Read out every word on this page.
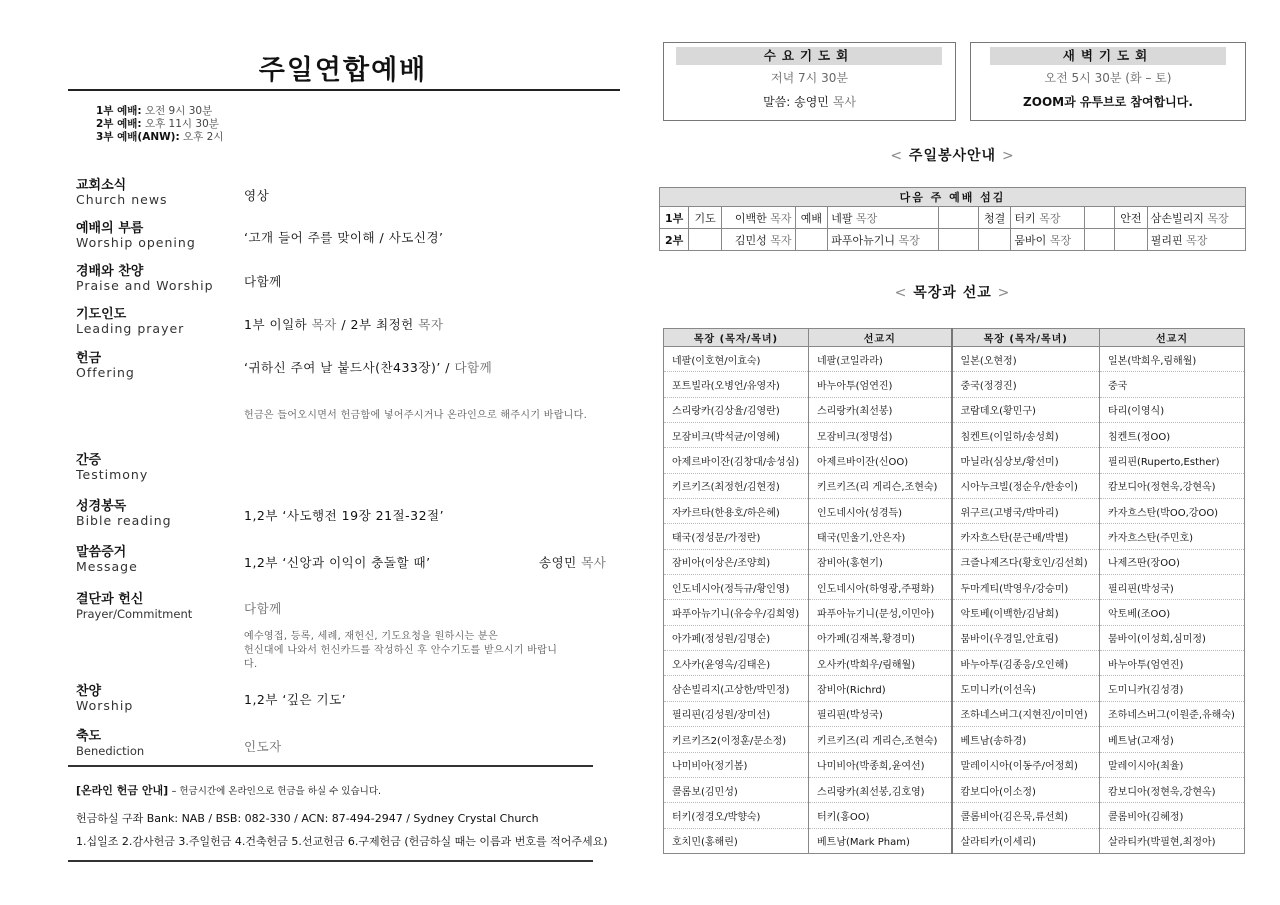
주일연합예배
1부 예배: 오전 9시 30분
2부 예배: 오후 11시 30분
3부 예배(ANW): 오후 2시
교회소식
Church news	영상
예배의 부름
Worship opening	‘고개 들어 주를 맞이해 / 사도신경’
경배와 찬양
Praise and Worship 다함께
기도인도
Leading prayer	1부 이일하 목자 / 2부 최정헌 목자
헌금
Offering	‘귀하신 주여 날 붙드사(찬433장)’ / 다함께
헌금은 들어오시면서 헌금함에 넣어주시거나 온라인으로 해주시기 바랍니다.
간증
Testimony
성경봉독
Bible reading	1,2부 ‘사도행전 19장 21절-32절’
말씀증거
Message	1,2부 ‘신앙과 이익이 충돌할 때’	송영민 목사
결단과 헌신
Prayer/Commitment	다함께
예수영접, 등록, 세례, 재헌신, 기도요청을 원하시는 분은
헌신대에 나와서 헌신카드를 작성하신 후 안수기도를 받으시기 바랍니
다.
찬양
Worship	1,2부 ‘깊은 기도’
축도
Benediction	인도자
[온라인 헌금 안내] – 헌금시간에 온라인으로 헌금을 하실 수 있습니다.
헌금하실 구좌 Bank: NAB / BSB: 082-330 / ACN: 87-494-2947 / Sydney Crystal Church
1.십일조 2.감사헌금 3.주일헌금 4.건축헌금 5.선교헌금 6.구제헌금 (헌금하실 때는 이름과 번호를 적어주세요)
수요기도회
저녁 7시 30분
말씀: 송영민 목사
새벽기도회
오전 5시 30분 (화 – 토)
ZOOM과 유투브로 참여합니다.
< 주일봉사안내 >
다음 주 예배 섬김										
1부	기도	이백한 목자	예배	네팔 목장		청결	터키 목장		안전	삼손빌리지 목장
2부		김민성 목자		파푸아뉴기니 목장			뭄바이 목장			필리핀 목장
< 목장과 선교 >
목장 (목자/목녀)	선교지	목장 (목자/목녀)	선교지
네팔(이호현/이효숙)	네팔(코일라라)	일본(오현정)	일본(박희우,림해월)
포트빌라(오병언/유영자)	바누아투(엄연진)	중국(정경진)	중국
스리랑카(김상율/김영란)	스리랑카(최선봉)	코람데오(황민구)	타리(이영식)
모잠비크(박석균/이영혜)	모잠비크(정명섭)	침켄트(이일하/송성희)	침켄트(정OO)
아제르바이잔(김창대/송성심)	아제르바이잔(신OO)	마닐라(심상보/황선미)	필리핀(Ruperto,Esther)
키르키즈(최정헌/김현정)	키르키즈(리 게리슨,조현숙)	시아누크빌(정순우/한송이)	캄보디아(정현욱,강현옥)
자카르타(한용호/하은혜)	인도네시아(성경득)	위구르(고병국/박마리)	카자흐스탄(박OO,강OO)
태국(정성문/가정란)	태국(민울기,안은자)	카자흐스탄(문근배/박별)	카자흐스탄(주민호)
잠비아(이상은/조양희)	잠비아(홍현기)	크즐나제즈다(황호인/김선희)	나제즈딴(장OO)
인도네시아(정득규/황인영)	인도네시아(하영광,주평화)	두마게티(박영우/강승미)	필리핀(박성국)
파푸아뉴기니(유승우/김희영)	파푸아뉴기니(문성,이민아)	악토베(이백한/김남희)	악토베(조OO)
아가페(정성원/김명순)	아가페(김재복,황경미)	뭄바이(우경일,안효림)	뭄바이(이성희,심미정)
오사카(윤영옥/김태은)	오사카(박희우/림해월)	바누아투(김종응/오인해)	바누아투(엄연진)
삼손빌리지(고상한/박민정)	잠비아(Richrd)	도미니카(이선옥)	도미니카(김성경)
필리핀(김성원/장미선)	필리핀(박성국)	조하네스버그(지현진/이미연)	조하네스버그(이원준,유해숙)
키르키즈2(이정훈/문소정)	키르키즈(리 게리슨,조현숙)	베트남(송하경)	베트남(고재성)
나미비아(정기봄)	나미비아(박종희,윤여선)	말레이시아(이동주/어정희)	말레이시아(최율)
콜롬보(김민성)	스리랑카(최선봉,김호영)	캄보디아(이소정)	캄보디아(정현욱,강현옥)
터키(정경오/박향숙)	터키(홍OO)	콜롬비아(김은묵,류선희)	콜롬비아(김혜정)
호치민(홍해린)	베트남(Mark Pham)	살라티카(이세리)	살라티카(박필현,최정아)
